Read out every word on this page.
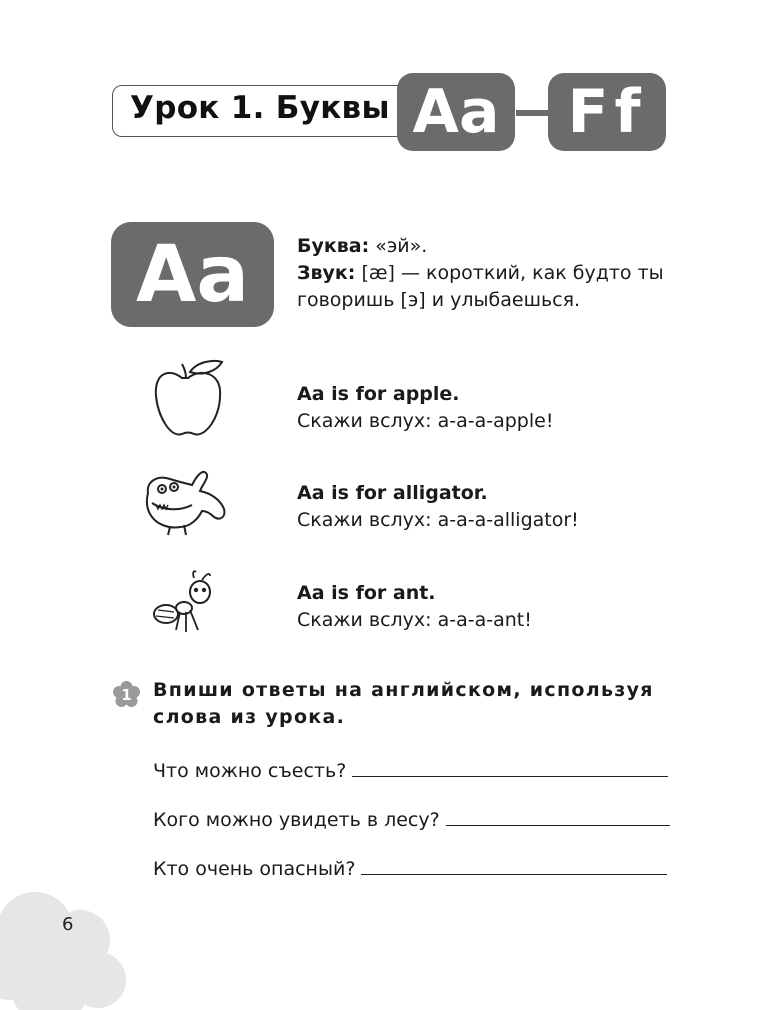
Урок 1. Буквы Aa	Ff
Aa	Буква: «эй».
Звук: [æ] — короткий, как будто ты говоришь [э] и улыбаешься.
Aa is for apple.
Скажи вслух: a-a-a-apple!
Aa is for alligator.
Скажи вслух: a-a-a-alligator!
Aa is for ant.
Скажи вслух: a-a-a-ant!
1 Впиши ответы на английском, используя слова из урока.
Что можно съесть?
Кого можно увидеть в лесу?
Кто очень опасный?
6
